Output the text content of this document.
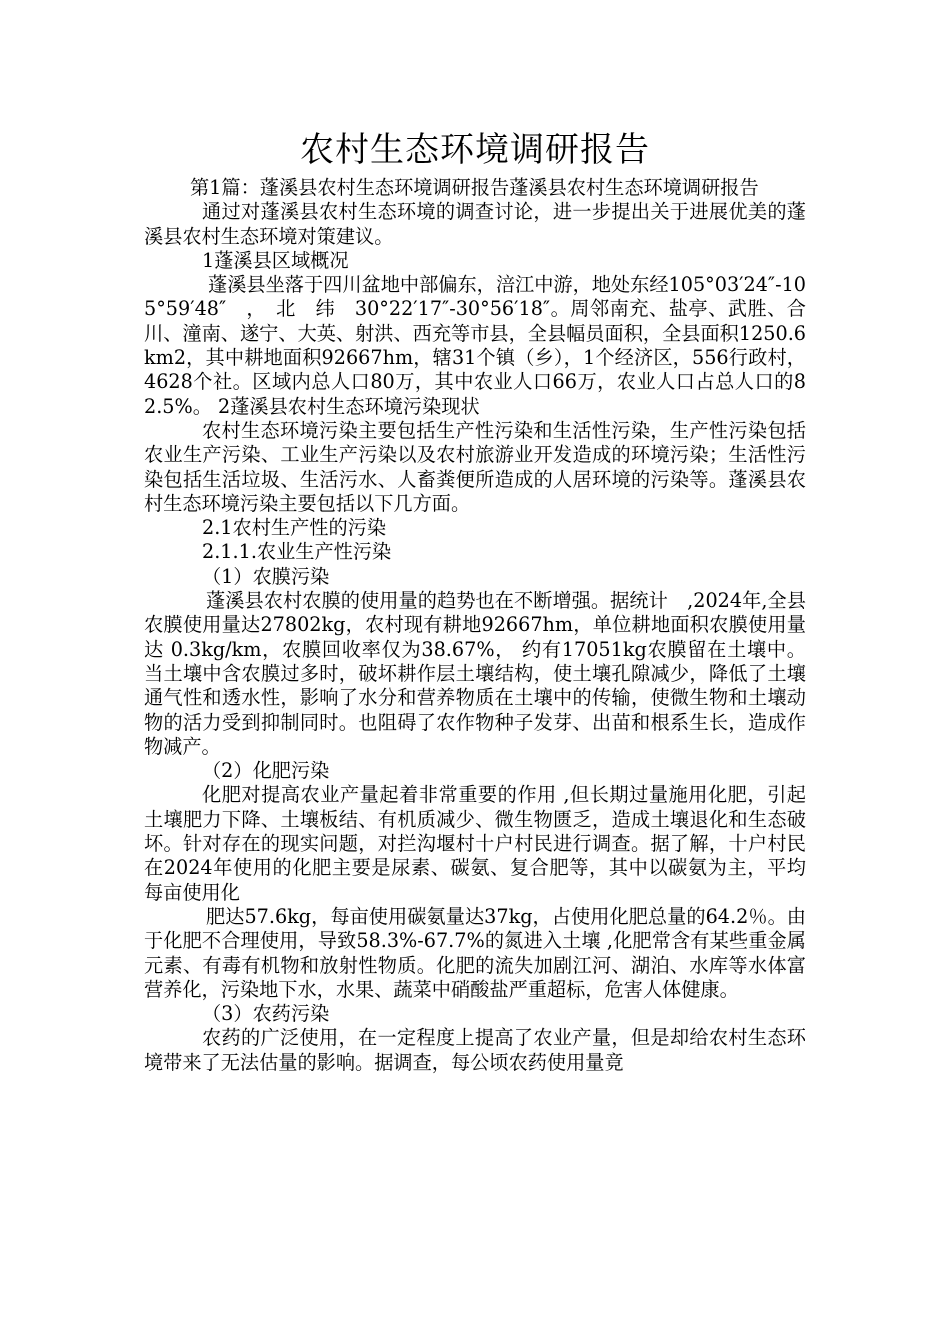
农村生态环境调研报告

第1篇：蓬溪县农村生态环境调研报告蓬溪县农村生态环境调研报告

通过对蓬溪县农村生态环境的调查讨论，进一步提出关于进展优美的蓬溪县农村生态环境对策建议。

1蓬溪县区域概况

蓬溪县坐落于四川盆地中部偏东，涪江中游，地处东经105°03′24″-105°59′48″　，　北　纬　30°22′17″-30°56′18″。周邻南充、盐亭、武胜、合川、潼南、遂宁、大英、射洪、西充等市县，全县幅员面积，全县面积1250.6km2，其中耕地面积92667hm，辖31个镇（乡），1个经济区，556行政村，4628个社。区域内总人口80万，其中农业人口66万，农业人口占总人口的82.5%。 2蓬溪县农村生态环境污染现状

农村生态环境污染主要包括生产性污染和生活性污染，生产性污染包括农业生产污染、工业生产污染以及农村旅游业开发造成的环境污染；生活性污染包括生活垃圾、生活污水、人畜粪便所造成的人居环境的污染等。蓬溪县农村生态环境污染主要包括以下几方面。

2.1农村生产性的污染

2.1.1.农业生产性污染

（1）农膜污染

蓬溪县农村农膜的使用量的趋势也在不断增强。据统计　,2024年,全县农膜使用量达27802kg，农村现有耕地92667hm，单位耕地面积农膜使用量达 0.3kg/km，农膜回收率仅为38.67%， 约有17051kg农膜留在土壤中。当土壤中含农膜过多时，破坏耕作层土壤结构，使土壤孔隙减少，降低了土壤通气性和透水性，影响了水分和营养物质在土壤中的传输，使微生物和土壤动物的活力受到抑制同时。也阻碍了农作物种子发芽、出苗和根系生长，造成作物减产。

（2）化肥污染

化肥对提高农业产量起着非常重要的作用 ,但长期过量施用化肥，引起土壤肥力下降、土壤板结、有机质减少、微生物匮乏，造成土壤退化和生态破坏。针对存在的现实问题，对拦沟堰村十户村民进行调查。据了解，十户村民在2024年使用的化肥主要是尿素、碳氨、复合肥等，其中以碳氨为主，平均每亩使用化

肥达57.6kg，每亩使用碳氨量达37kg，占使用化肥总量的64.2％。由于化肥不合理使用，导致58.3%-67.7%的氮进入土壤 ,化肥常含有某些重金属元素、有毒有机物和放射性物质。化肥的流失加剧江河、湖泊、水库等水体富营养化，污染地下水，水果、蔬菜中硝酸盐严重超标，危害人体健康。

（3）农药污染

农药的广泛使用，在一定程度上提高了农业产量，但是却给农村生态环境带来了无法估量的影响。据调查，每公顷农药使用量竟
